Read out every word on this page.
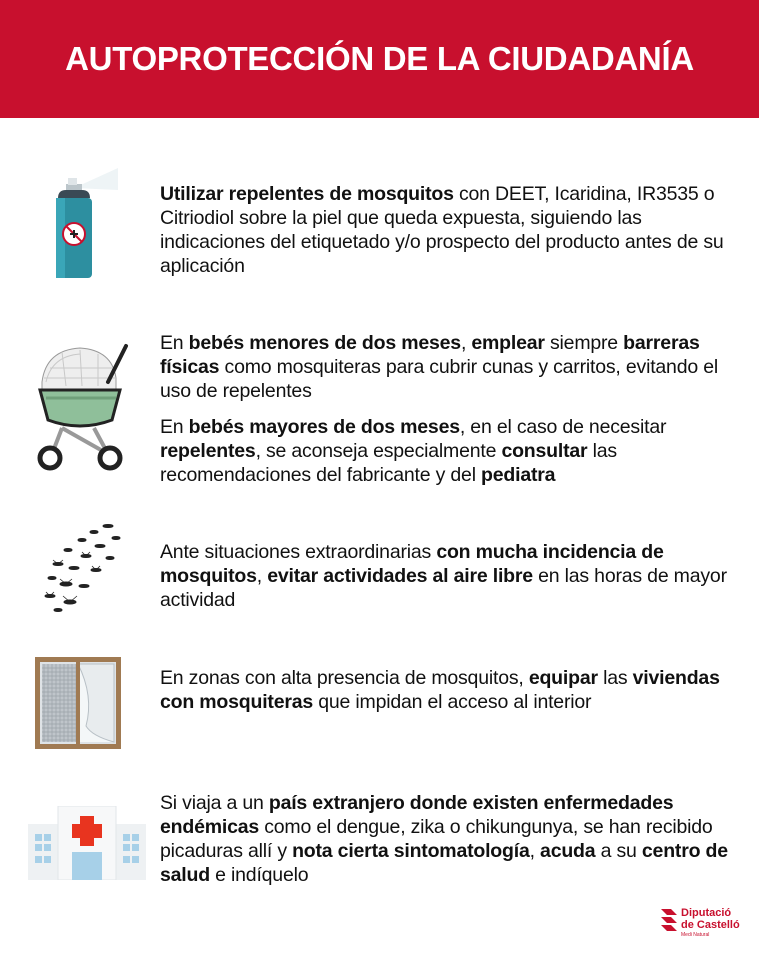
AUTOPROTECCIÓN DE LA CIUDADANÍA

Utilizar repelentes de mosquitos con DEET, Icaridina, IR3535 o Citriodiol sobre la piel que queda expuesta, siguiendo las indicaciones del etiquetado y/o prospecto del producto antes de su aplicación

En bebés menores de dos meses, emplear siempre barreras físicas como mosquiteras para cubrir cunas y carritos, evitando el uso de repelentes

En bebés mayores de dos meses, en el caso de necesitar repelentes, se aconseja especialmente consultar las recomendaciones del fabricante y del pediatra

Ante situaciones extraordinarias con mucha incidencia de mosquitos, evitar actividades al aire libre en las horas de mayor actividad

En zonas con alta presencia de mosquitos, equipar las viviendas con mosquiteras que impidan el acceso al interior

Si viaja a un país extranjero donde existen enfermedades endémicas como el dengue, zika o chikungunya, se han recibido picaduras allí y nota cierta sintomatología, acuda a su centro de salud e indíquelo

Diputació
de Castelló
Medi Natural
